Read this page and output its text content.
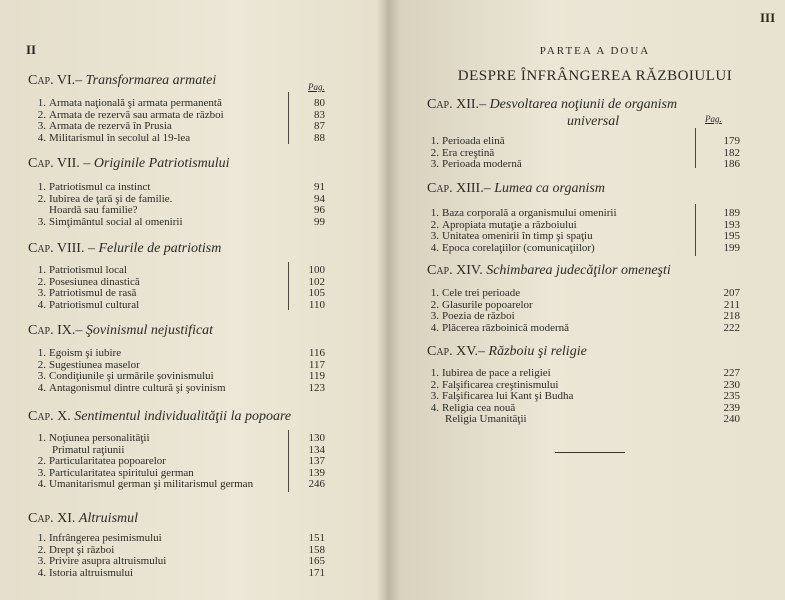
II
Pag.
Cap. VI.– Transformarea armatei
1. Armata naţională şi armata permanentă	80
2. Armata de rezervă sau armata de război	83
3. Armata de rezervă în Prusia	87
4. Militarismul în secolul al 19-lea	88
Cap. VII. – Originile Patriotismului
1. Patriotismul ca instinct	91
2. Iubirea de ţară şi de familie.	94
Hoardă sau familie?	96
3. Simţimântul social al omenirii	99
Cap. VIII. – Felurile de patriotism
1. Patriotismul local	100
2. Posesiunea dinastică	102
3. Patriotismul de rasă	105
4. Patriotismul cultural	110
Cap. IX.– Şovinismul nejustificat
1. Egoism şi iubire	116
2. Sugestiunea maselor	117
3. Condiţiunile şi urmările şovinismului	119
4. Antagonismul dintre cultură şi şovinism	123
Cap. X. Sentimentul individualităţii la popoare
1. Noţiunea personalităţii	130
Primatul raţiunii	134
2. Particularitatea popoarelor	137
3. Particularitatea spiritului german	139
4. Umanitarismul german şi militarismul german	246
Cap. XI. Altruismul
1. Infrângerea pesimismului	151
2. Drept şi război	158
3. Privire asupra altruismului	165
4. Istoria altruismului	171
III
PARTEA A DOUA
DESPRE ÎNFRÂNGEREA RĂZBOIULUI
Pag.
Cap. XII.– Desvoltarea noţiunii de organism
universal
1. Perioada elină	179
2. Era creştină	182
3. Perioada modernă	186
Cap. XIII.– Lumea ca organism
1. Baza corporală a organismului omenirii	189
2. Apropiata mutaţie a războiului	193
3. Unitatea omenirii în timp şi spaţiu	195
4. Epoca corelaţiilor (comunicaţiilor)	199
Cap. XIV. Schimbarea judecăţilor omeneşti
1. Cele trei perioade	207
2. Glasurile popoarelor	211
3. Poezia de război	218
4. Plăcerea războinică modernă	222
Cap. XV.– Războiu şi religie
1. Iubirea de pace a religiei	227
2. Falşificarea creştinismului	230
3. Falşificarea lui Kant şi Budha	235
4. Religia cea nouă	239
Religia Umanităţii	240
